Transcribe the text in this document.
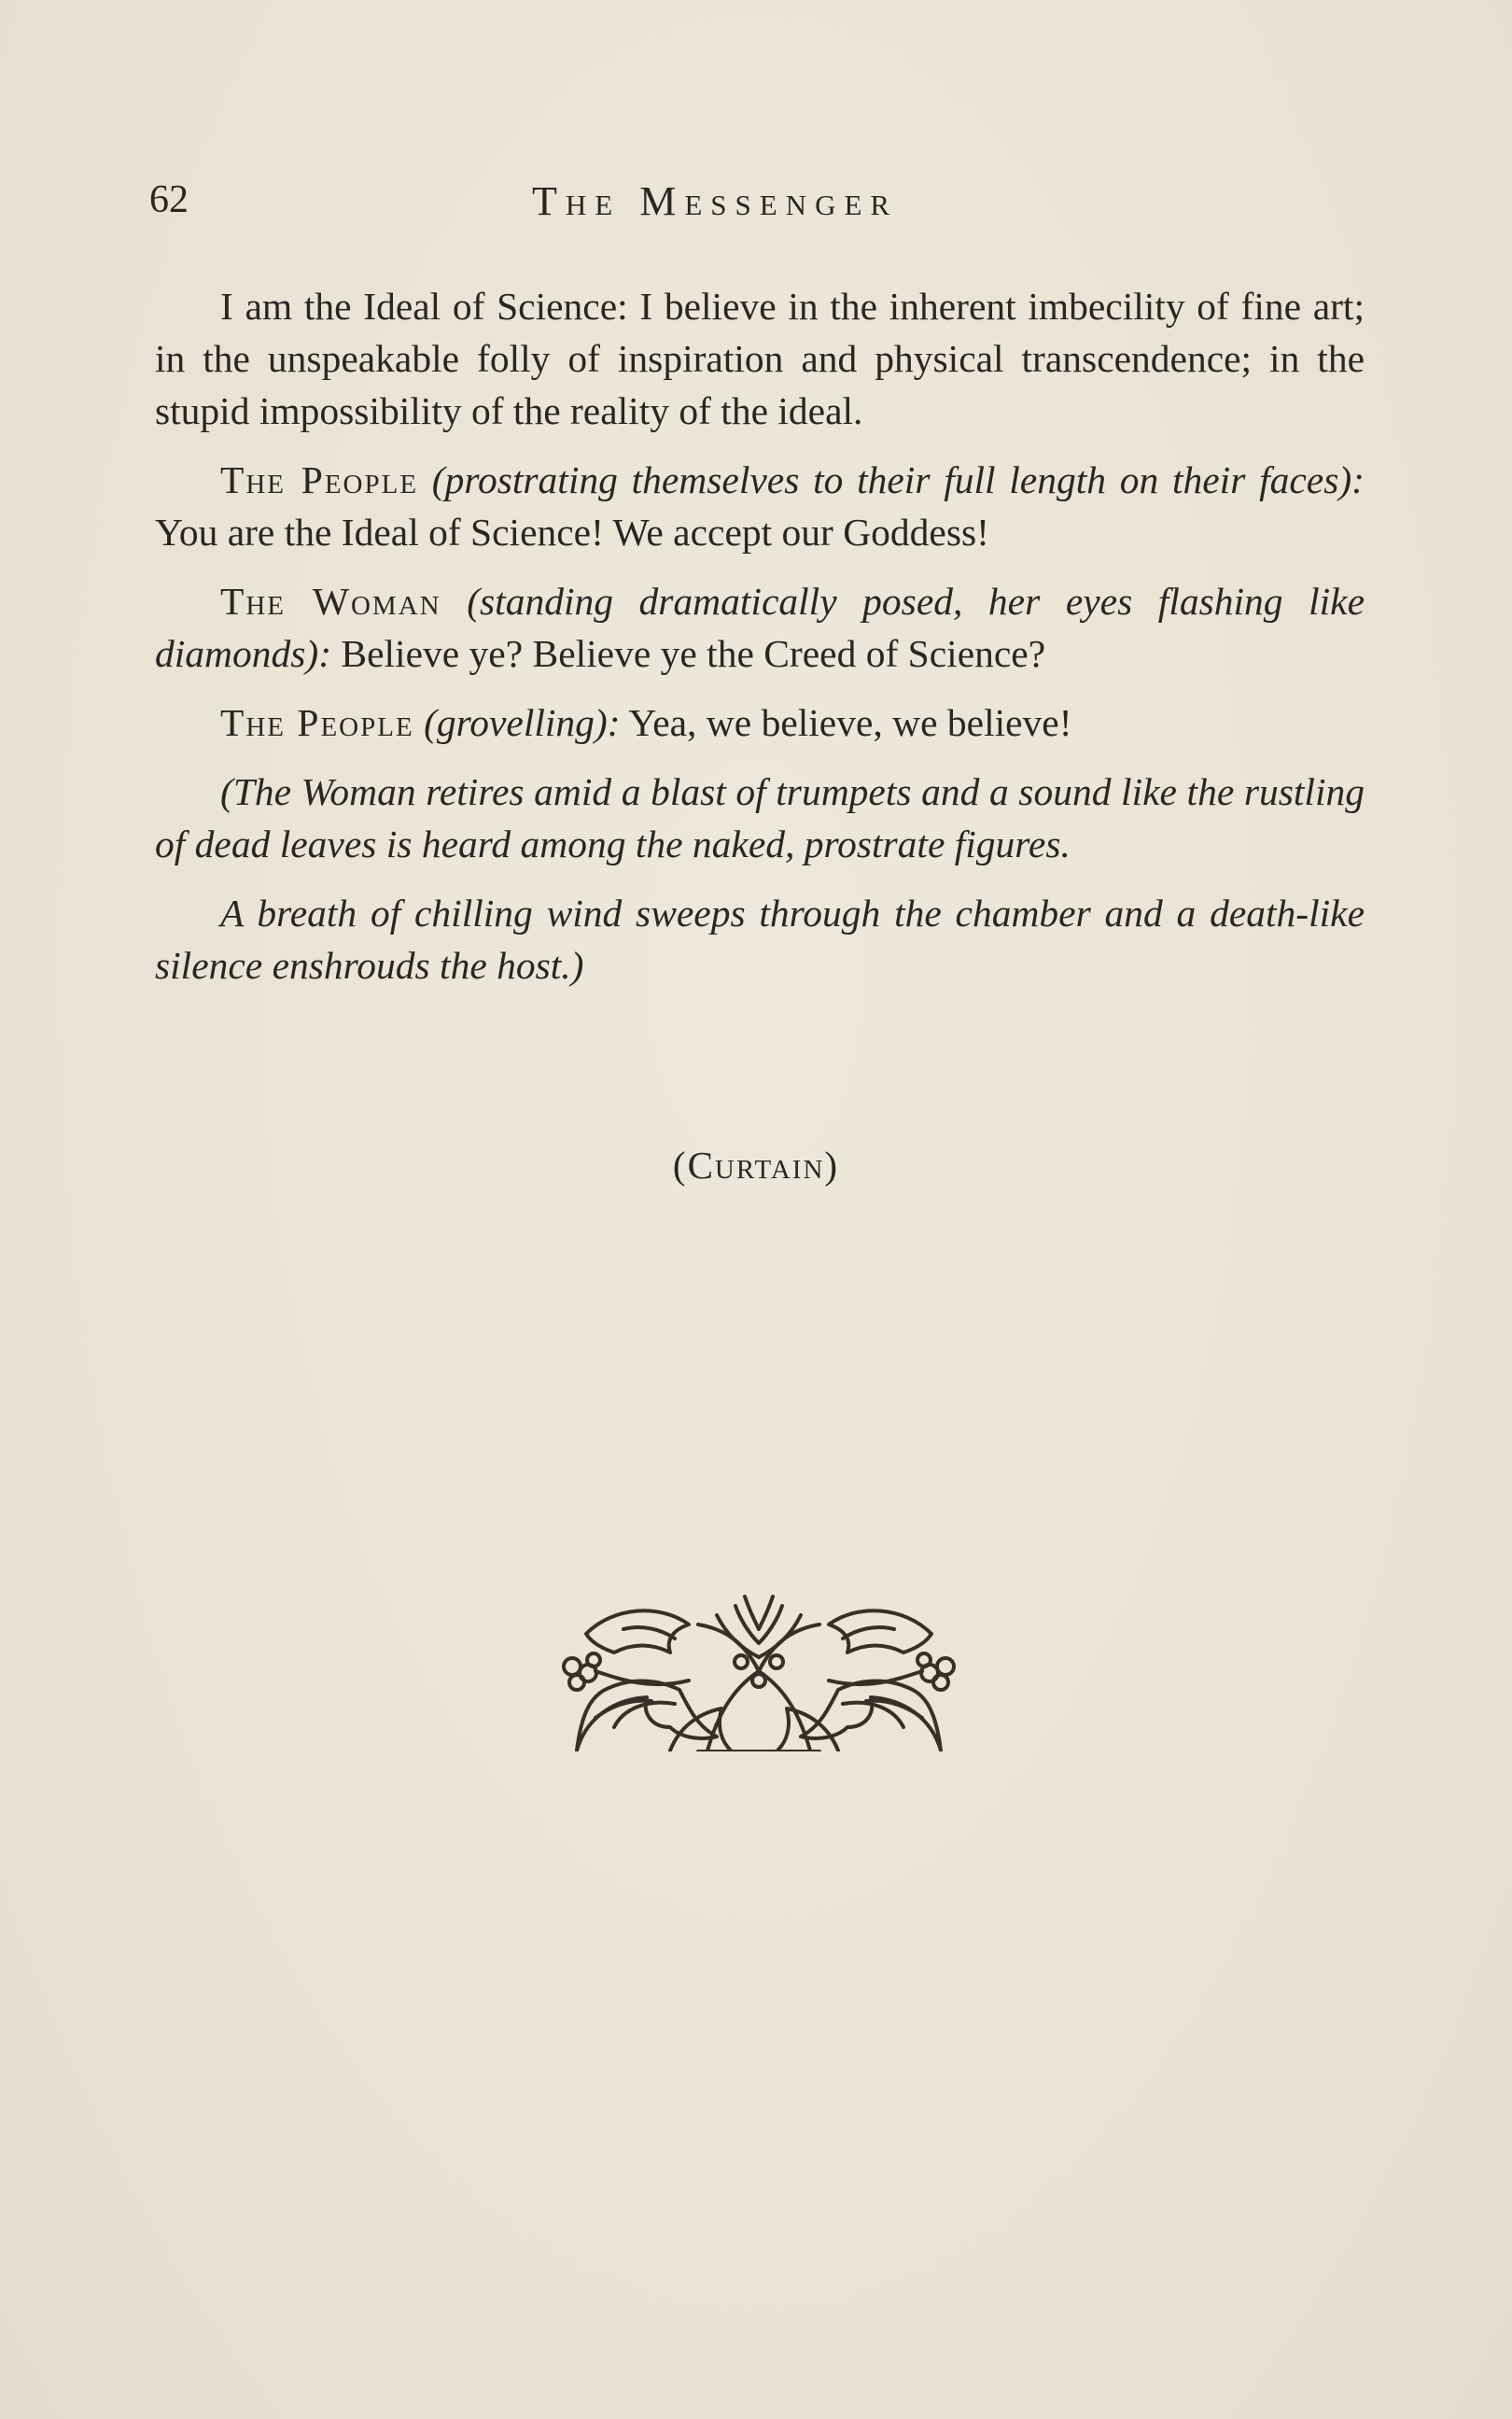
62	The Messenger

I am the Ideal of Science: I believe in the inherent imbecility of fine art; in the unspeakable folly of inspiration and physical transcendence; in the stupid impossibility of the reality of the ideal.

The People (prostrating themselves to their full length on their faces): You are the Ideal of Science! We accept our Goddess!

The Woman (standing dramatically posed, her eyes flashing like diamonds): Believe ye? Believe ye the Creed of Science?

The People (grovelling): Yea, we believe, we believe!

(The Woman retires amid a blast of trumpets and a sound like the rustling of dead leaves is heard among the naked, prostrate figures.

A breath of chilling wind sweeps through the chamber and a death-like silence enshrouds the host.)

(Curtain)
